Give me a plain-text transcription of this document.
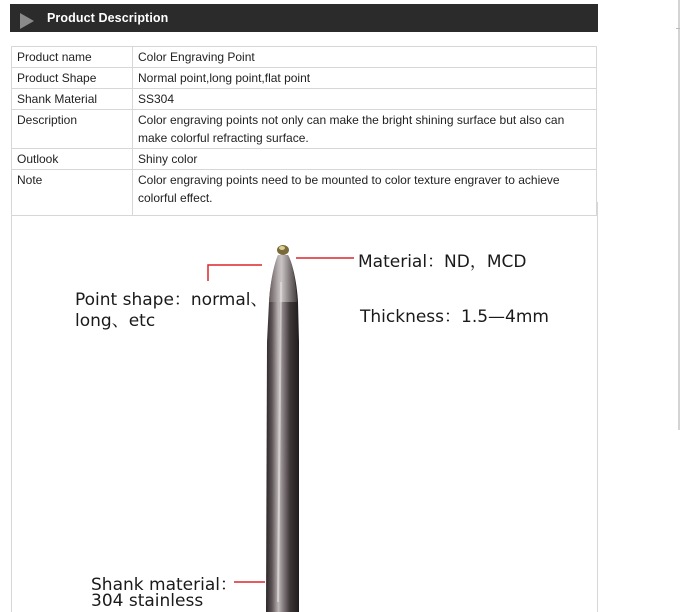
Product Description
Product name	Color Engraving Point
Product Shape	Normal point,long point,flat point
Shank Material	SS304
Description	Color engraving points not only can make the bright shining surface but also can make colorful refracting surface.
Outlook	Shiny color
Note	Color engraving points need to be mounted to color texture engraver to achieve colorful effect.
Material：ND，MCD
Point shape：normal、
long、etc	Thickness：1.5—4mm
Shank material：
304 stainless
